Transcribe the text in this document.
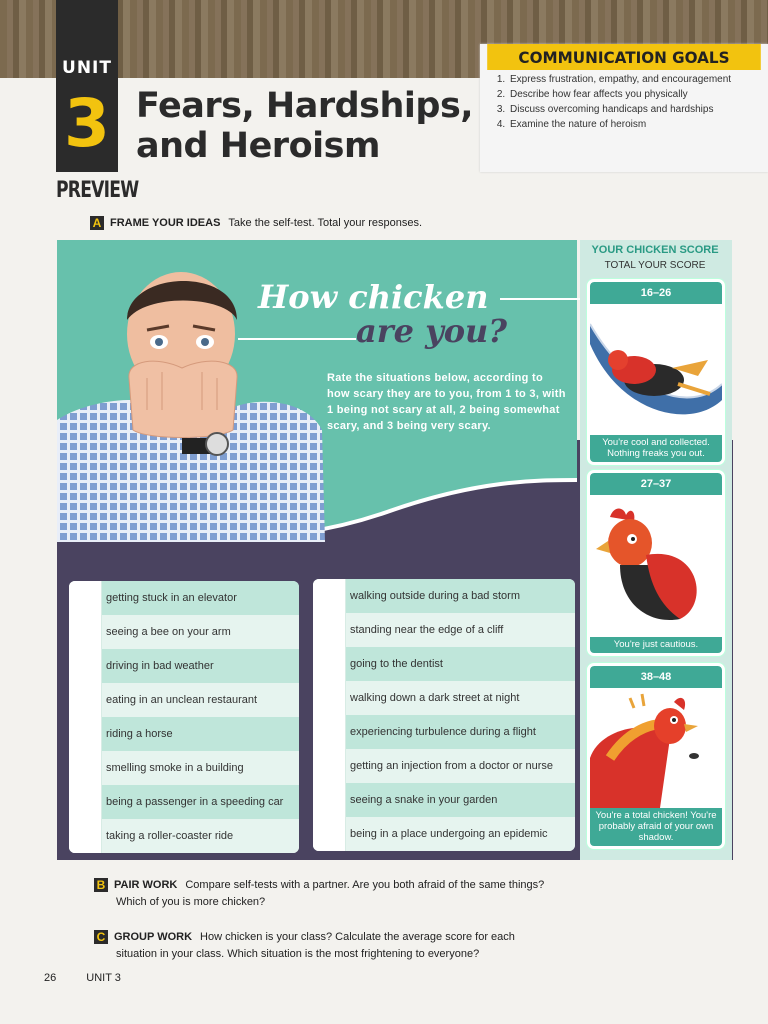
UNIT
3 Fears, Hardships,
and Heroism
PREVIEW
COMMUNICATION GOALS
1. Express frustration, empathy, and encouragement
2. Describe how fear affects you physically
3. Discuss overcoming handicaps and hardships
4. Examine the nature of heroism
A FRAME YOUR IDEAS Take the self-test. Total your responses.
How chicken
are you?
Rate the situations below, according to how scary they are to you, from 1 to 3, with 1 being not scary at all, 2 being somewhat scary, and 3 being very scary.
getting stuck in an elevator
seeing a bee on your arm
driving in bad weather
eating in an unclean restaurant
riding a horse
smelling smoke in a building
being a passenger in a speeding car
taking a roller-coaster ride
walking outside during a bad storm
standing near the edge of a cliff
going to the dentist
walking down a dark street at night
experiencing turbulence during a flight
getting an injection from a doctor or nurse
seeing a snake in your garden
being in a place undergoing an epidemic
YOUR CHICKEN SCORE
TOTAL YOUR SCORE
16–26
You're cool and collected. Nothing freaks you out.
27–37
You're just cautious.
38–48
You're a total chicken! You're probably afraid of your own shadow.
B PAIR WORK Compare self-tests with a partner. Are you both afraid of the same things?
Which of you is more chicken?
C GROUP WORK How chicken is your class? Calculate the average score for each
situation in your class. Which situation is the most frightening to everyone?
26	UNIT 3
